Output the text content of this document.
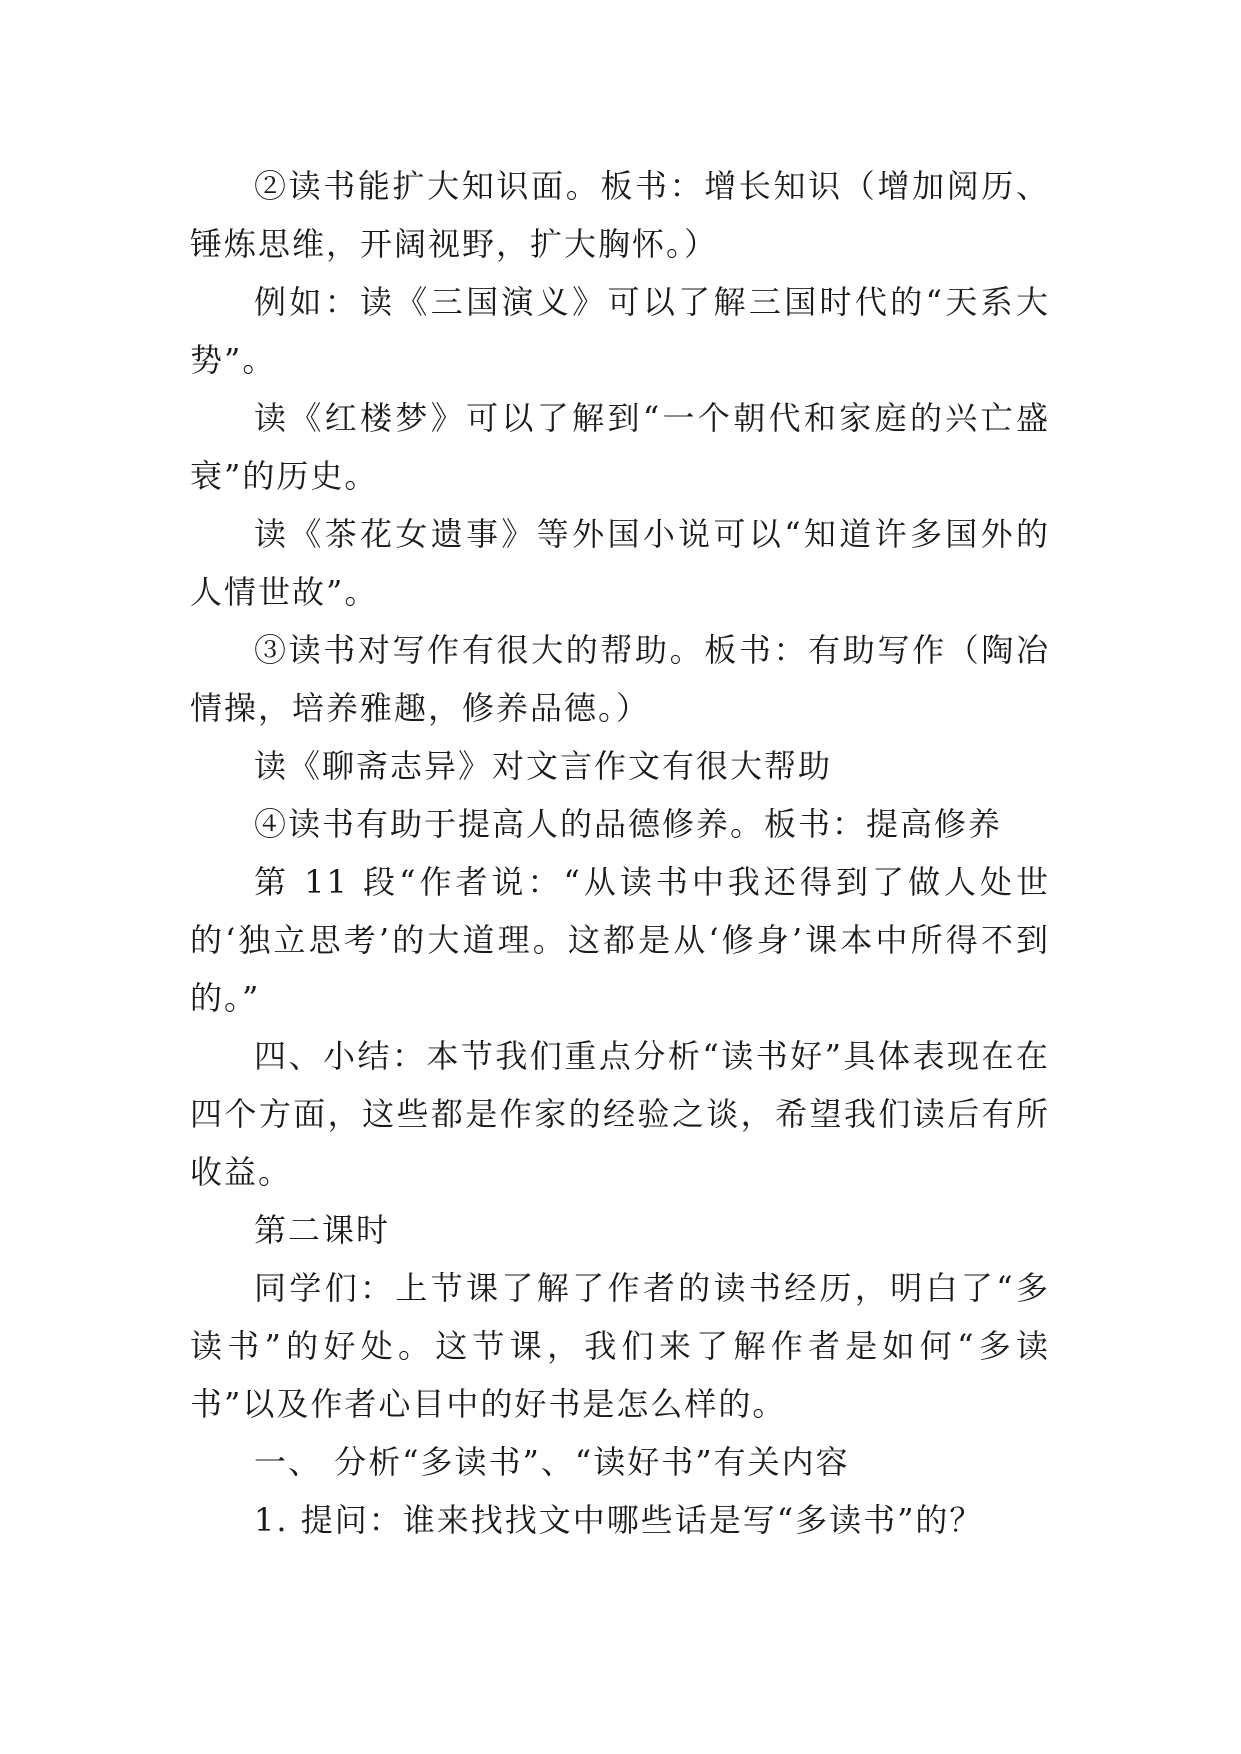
②读书能扩大知识面。板书：增长知识（增加阅历、锤炼思维，开阔视野，扩大胸怀。）

例如：读《三国演义》可以了解三国时代的“天系大势”。

读《红楼梦》可以了解到“一个朝代和家庭的兴亡盛衰”的历史。

读《茶花女遗事》等外国小说可以“知道许多国外的人情世故”。

③读书对写作有很大的帮助。板书：有助写作（陶冶情操，培养雅趣，修养品德。）

读《聊斋志异》对文言作文有很大帮助

④读书有助于提高人的品德修养。板书：提高修养

第 11 段“作者说：“从读书中我还得到了做人处世的‘独立思考’的大道理。这都是从‘修身’课本中所得不到的。”

四、小结：本节我们重点分析“读书好”具体表现在在四个方面，这些都是作家的经验之谈，希望我们读后有所收益。

第二课时

同学们：上节课了解了作者的读书经历，明白了“多读书”的好处。这节课，我们来了解作者是如何“多读书”以及作者心目中的好书是怎么样的。

一、 分析“多读书”、“读好书”有关内容

1. 提问：谁来找找文中哪些话是写“多读书”的？
